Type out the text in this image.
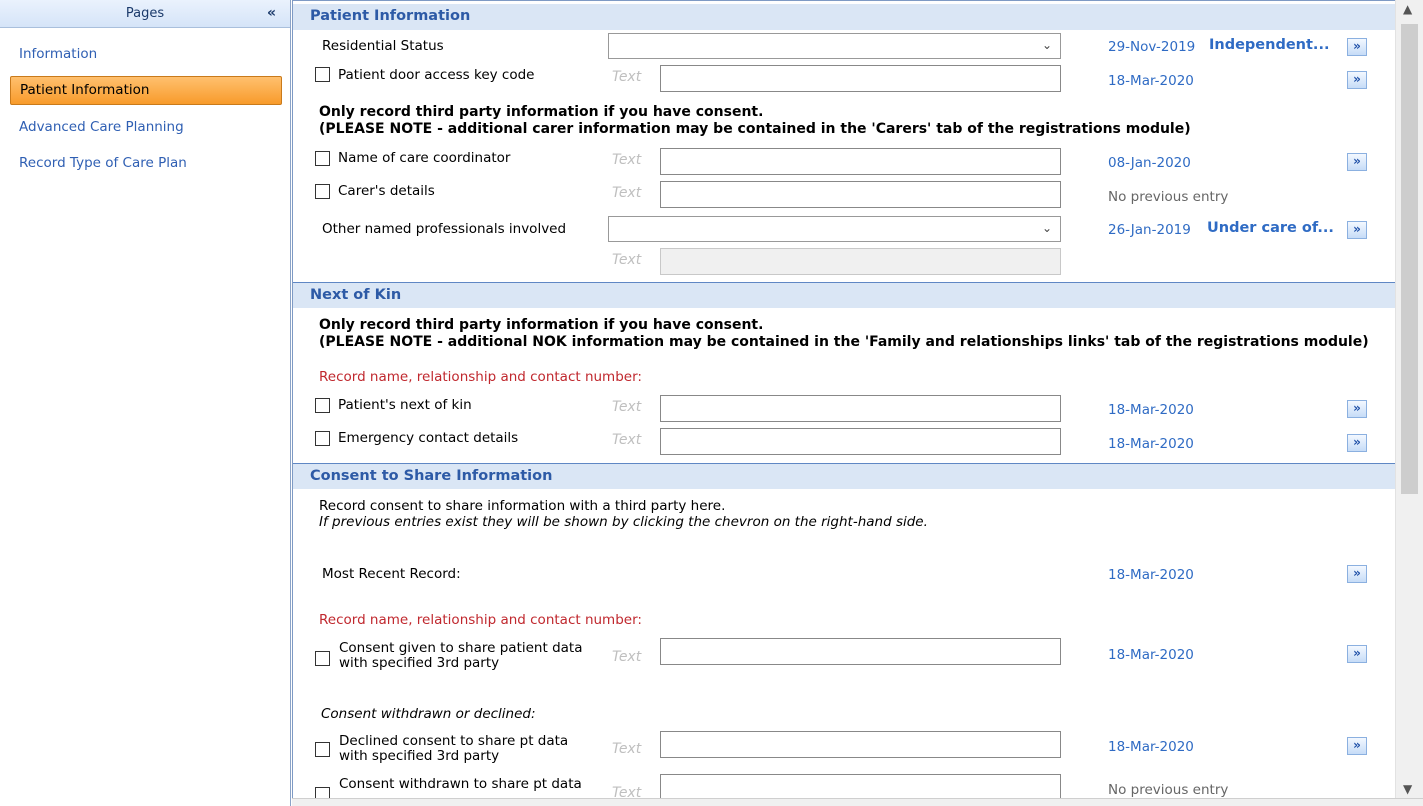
Pages	«
Information
Patient Information
Advanced Care Planning
Record Type of Care Plan
Patient Information
Residential Status	⌄	29-Nov-2019 Independent...	»
Patient door access key code	Text	18-Mar-2020	»
Only record third party information if you have consent.
(PLEASE NOTE - additional carer information may be contained in the 'Carers' tab of the registrations module)
Name of care coordinator	Text	08-Jan-2020	»
Carer's details	Text	No previous entry
Other named professionals involved	⌄	26-Jan-2019 Under care of...	»
Text
Next of Kin
Only record third party information if you have consent.
(PLEASE NOTE - additional NOK information may be contained in the 'Family and relationships links' tab of the registrations module)
Record name, relationship and contact number:
Patient's next of kin	Text	18-Mar-2020	»
Emergency contact details	Text	18-Mar-2020	»
Consent to Share Information
Record consent to share information with a third party here.
If previous entries exist they will be shown by clicking the chevron on the right-hand side.
Most Recent Record:	18-Mar-2020	»
Record name, relationship and contact number:
Consent given to share patient data
with specified 3rd party	Text	18-Mar-2020	»
Consent withdrawn or declined:
Declined consent to share pt data
with specified 3rd party	Text	18-Mar-2020	»
Consent withdrawn to share pt data
Text	No previous entry
▲
▼
